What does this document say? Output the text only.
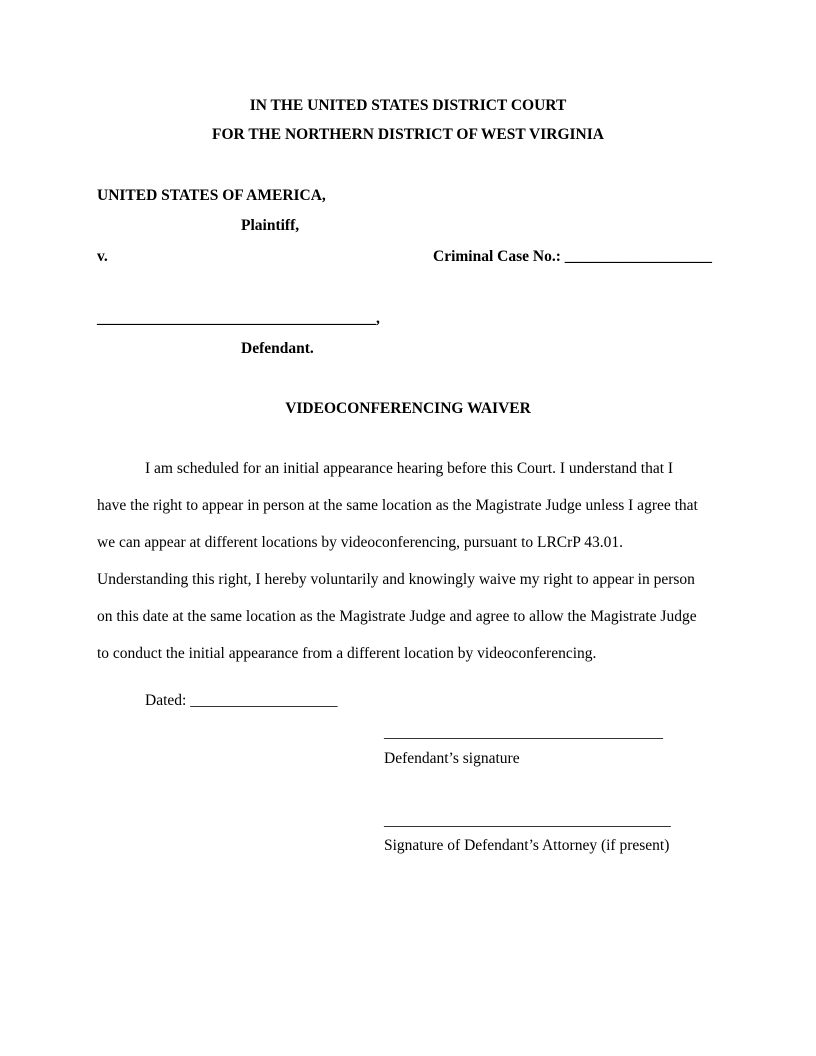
IN THE UNITED STATES DISTRICT COURT
FOR THE NORTHERN DISTRICT OF WEST VIRGINIA
UNITED STATES OF AMERICA,
Plaintiff,
v.	Criminal Case No.: ___________________
____________________________________,
Defendant.
VIDEOCONFERENCING WAIVER
I am scheduled for an initial appearance hearing before this Court. I understand that I
have the right to appear in person at the same location as the Magistrate Judge unless I agree that
we can appear at different locations by videoconferencing, pursuant to LRCrP 43.01.
Understanding this right, I hereby voluntarily and knowingly waive my right to appear in person
on this date at the same location as the Magistrate Judge and agree to allow the Magistrate Judge
to conduct the initial appearance from a different location by videoconferencing.
Dated: ___________________
____________________________________
Defendant’s signature
_____________________________________
Signature of Defendant’s Attorney (if present)
